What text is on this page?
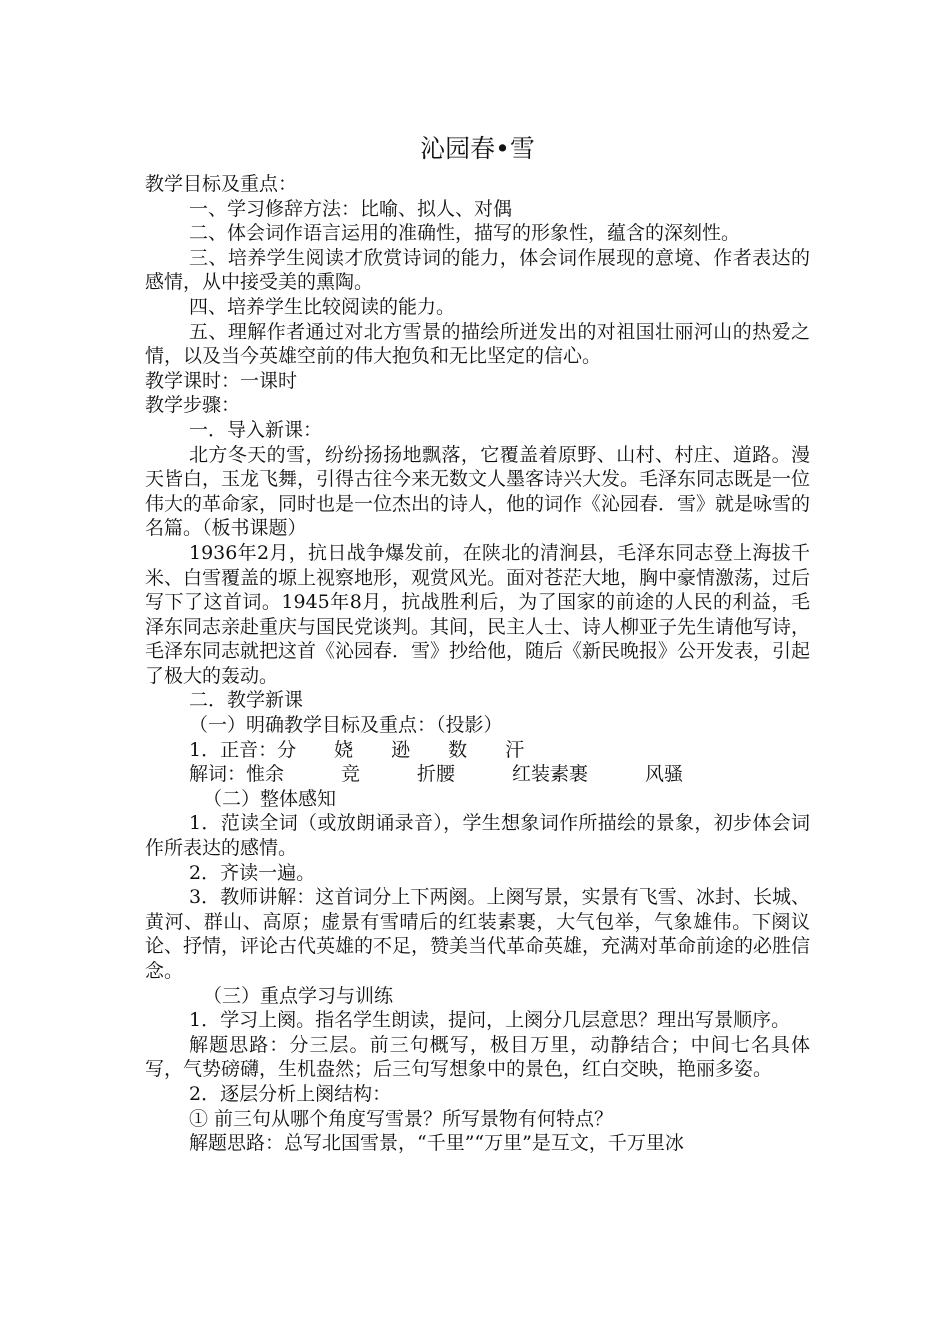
沁园春•雪

教学目标及重点：

一、学习修辞方法：比喻、拟人、对偶

二、体会词作语言运用的准确性，描写的形象性，蕴含的深刻性。

三、培养学生阅读才欣赏诗词的能力，体会词作展现的意境、作者表达的感情，从中接受美的熏陶。

四、培养学生比较阅读的能力。

五、理解作者通过对北方雪景的描绘所迸发出的对祖国壮丽河山的热爱之情，以及当今英雄空前的伟大抱负和无比坚定的信心。

教学课时：一课时

教学步骤：

一．导入新课：

北方冬天的雪，纷纷扬扬地飘落，它覆盖着原野、山村、村庄、道路。漫天皆白，玉龙飞舞，引得古往今来无数文人墨客诗兴大发。毛泽东同志既是一位伟大的革命家，同时也是一位杰出的诗人，他的词作《沁园春．雪》就是咏雪的名篇。（板书课题）

1936年2月，抗日战争爆发前，在陕北的清涧县，毛泽东同志登上海拔千米、白雪覆盖的塬上视察地形，观赏风光。面对苍茫大地，胸中豪情激荡，过后写下了这首词。1945年8月，抗战胜利后，为了国家的前途的人民的利益，毛泽东同志亲赴重庆与国民党谈判。其间，民主人士、诗人柳亚子先生请他写诗，毛泽东同志就把这首《沁园春．雪》抄给他，随后《新民晚报》公开发表，引起了极大的轰动。

二．教学新课

（一）明确教学目标及重点：（投影）

1．正音：分　　娆　　逊　　数　　汗

解词：惟余　　　竞　　　折腰　　　红装素裹　　　风骚

（二）整体感知

1．范读全词（或放朗诵录音），学生想象词作所描绘的景象，初步体会词作所表达的感情。

2．齐读一遍。

3．教师讲解：这首词分上下两阕。上阕写景，实景有飞雪、冰封、长城、黄河、群山、高原；虚景有雪晴后的红装素裹，大气包举，气象雄伟。下阕议论、抒情，评论古代英雄的不足，赞美当代革命英雄，充满对革命前途的必胜信念。

（三）重点学习与训练

1．学习上阕。指名学生朗读，提问，上阕分几层意思？理出写景顺序。

解题思路：分三层。前三句概写，极目万里，动静结合；中间七名具体写，气势磅礴，生机盎然；后三句写想象中的景色，红白交映，艳丽多姿。

2．逐层分析上阕结构：

① 前三句从哪个角度写雪景？所写景物有何特点？

解题思路：总写北国雪景，“千里”“万里”是互文，千万里冰
